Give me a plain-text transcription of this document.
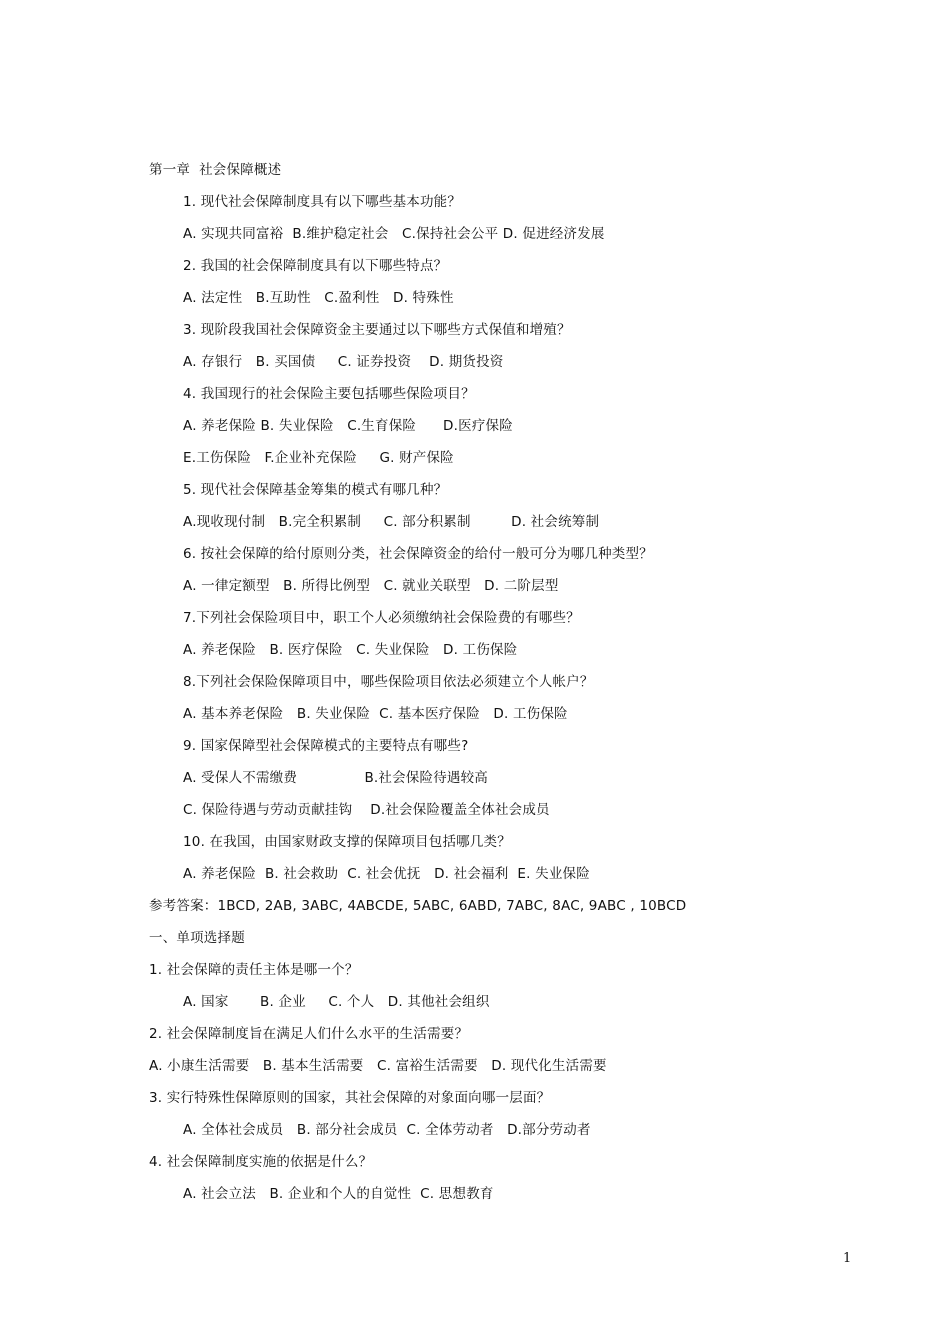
第一章  社会保障概述
1. 现代社会保障制度具有以下哪些基本功能？
A. 实现共同富裕  B.维护稳定社会   C.保持社会公平 D. 促进经济发展
2. 我国的社会保障制度具有以下哪些特点？
A. 法定性   B.互助性   C.盈利性   D. 特殊性
3. 现阶段我国社会保障资金主要通过以下哪些方式保值和增殖？
A. 存银行   B. 买国债     C. 证券投资    D. 期货投资
4. 我国现行的社会保险主要包括哪些保险项目？
A. 养老保险 B. 失业保险   C.生育保险      D.医疗保险
E.工伤保险   F.企业补充保险     G. 财产保险
5. 现代社会保障基金筹集的模式有哪几种？
A.现收现付制   B.完全积累制     C. 部分积累制         D. 社会统筹制
6. 按社会保障的给付原则分类，社会保障资金的给付一般可分为哪几种类型？
A. 一律定额型   B. 所得比例型   C. 就业关联型   D. 二阶层型
7.下列社会保险项目中，职工个人必须缴纳社会保险费的有哪些？
A. 养老保险   B. 医疗保险   C. 失业保险   D. 工伤保险
8.下列社会保险保障项目中，哪些保险项目依法必须建立个人帐户？
A. 基本养老保险   B. 失业保险  C. 基本医疗保险   D. 工伤保险
9. 国家保障型社会保障模式的主要特点有哪些?
A. 受保人不需缴费               B.社会保险待遇较高
C. 保险待遇与劳动贡献挂钩    D.社会保险覆盖全体社会成员
10. 在我国，由国家财政支撑的保障项目包括哪几类？
A. 养老保险  B. 社会救助  C. 社会优抚   D. 社会福利  E. 失业保险
参考答案：1BCD, 2AB, 3ABC, 4ABCDE, 5ABC, 6ABD, 7ABC, 8AC, 9ABC , 10BCD
一、单项选择题
1. 社会保障的责任主体是哪一个？
A. 国家       B. 企业     C. 个人   D. 其他社会组织
2. 社会保障制度旨在满足人们什么水平的生活需要？
A. 小康生活需要   B. 基本生活需要   C. 富裕生活需要   D. 现代化生活需要
3. 实行特殊性保障原则的国家，其社会保障的对象面向哪一层面？
A. 全体社会成员   B. 部分社会成员  C. 全体劳动者   D.部分劳动者
4. 社会保障制度实施的依据是什么？
A. 社会立法   B. 企业和个人的自觉性  C. 思想教育
1
